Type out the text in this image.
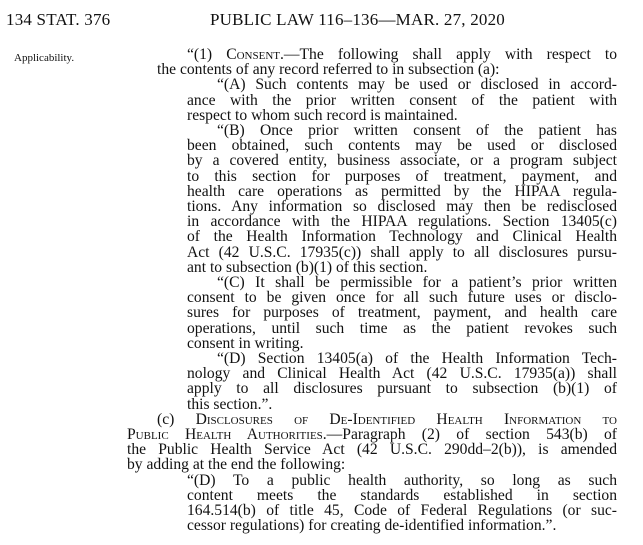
134 STAT. 376	PUBLIC LAW 116–136—MAR. 27, 2020
Applicability.	“(1) Consent.—The following shall apply with respect to
the contents of any record referred to in subsection (a):
“(A) Such contents may be used or disclosed in accord-
ance with the prior written consent of the patient with
respect to whom such record is maintained.
“(B) Once prior written consent of the patient has
been obtained, such contents may be used or disclosed
by a covered entity, business associate, or a program subject
to this section for purposes of treatment, payment, and
health care operations as permitted by the HIPAA regula-
tions. Any information so disclosed may then be redisclosed
in accordance with the HIPAA regulations. Section 13405(c)
of the Health Information Technology and Clinical Health
Act (42 U.S.C. 17935(c)) shall apply to all disclosures pursu-
ant to subsection (b)(1) of this section.
“(C) It shall be permissible for a patient’s prior written
consent to be given once for all such future uses or disclo-
sures for purposes of treatment, payment, and health care
operations, until such time as the patient revokes such
consent in writing.
“(D) Section 13405(a) of the Health Information Tech-
nology and Clinical Health Act (42 U.S.C. 17935(a)) shall
apply to all disclosures pursuant to subsection (b)(1) of
this section.”.
(c) Disclosures of De-Identified Health Information to
Public Health Authorities.—Paragraph (2) of section 543(b) of
the Public Health Service Act (42 U.S.C. 290dd–2(b)), is amended
by adding at the end the following:
“(D) To a public health authority, so long as such
content meets the standards established in section
164.514(b) of title 45, Code of Federal Regulations (or suc-
cessor regulations) for creating de-identified information.”.
